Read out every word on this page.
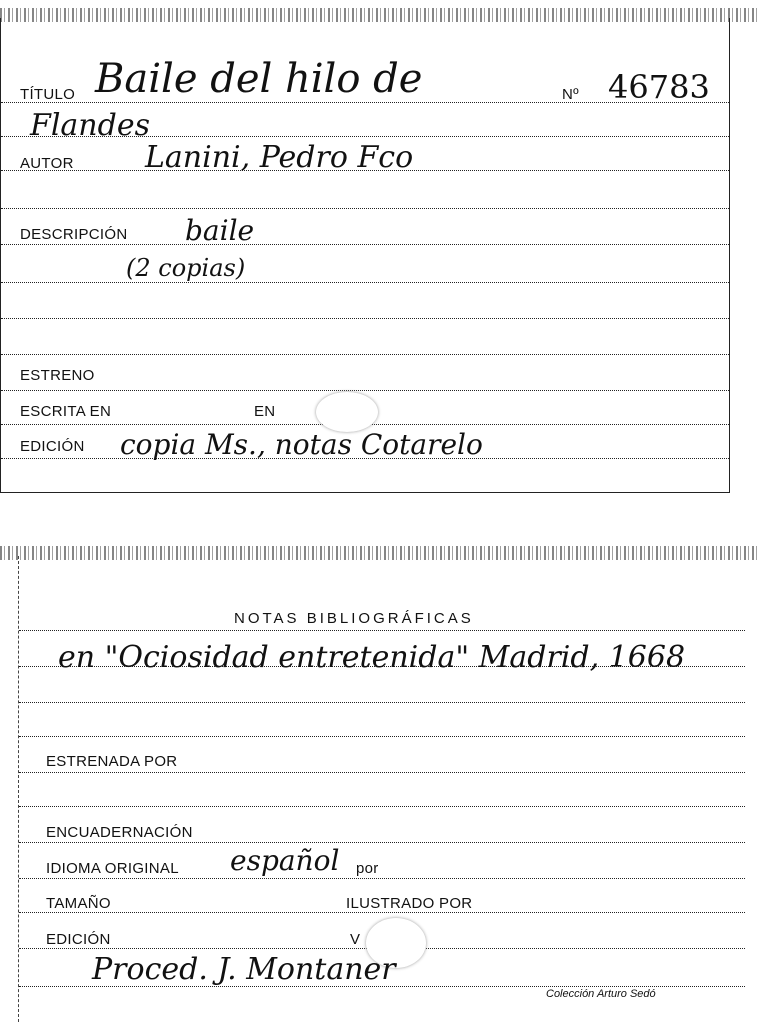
TÍTULO Baile del hilo de
Flandes
Nº 46783
AUTOR Lanini, Pedro Fco
DESCRIPCIÓN baile
(2 copias)
ESTRENO
ESCRITA EN	EN
EDICIÓN copia Ms., notas Cotarelo
NOTAS BIBLIOGRÁFICAS
en "Ociosidad entretenida" Madrid, 1668
ESTRENADA POR
ENCUADERNACIÓN
IDIOMA ORIGINAL español por
TAMAÑO	ILUSTRADO POR
EDICIÓN	V
Proced. J. Montaner
Colección Arturo Sedó
